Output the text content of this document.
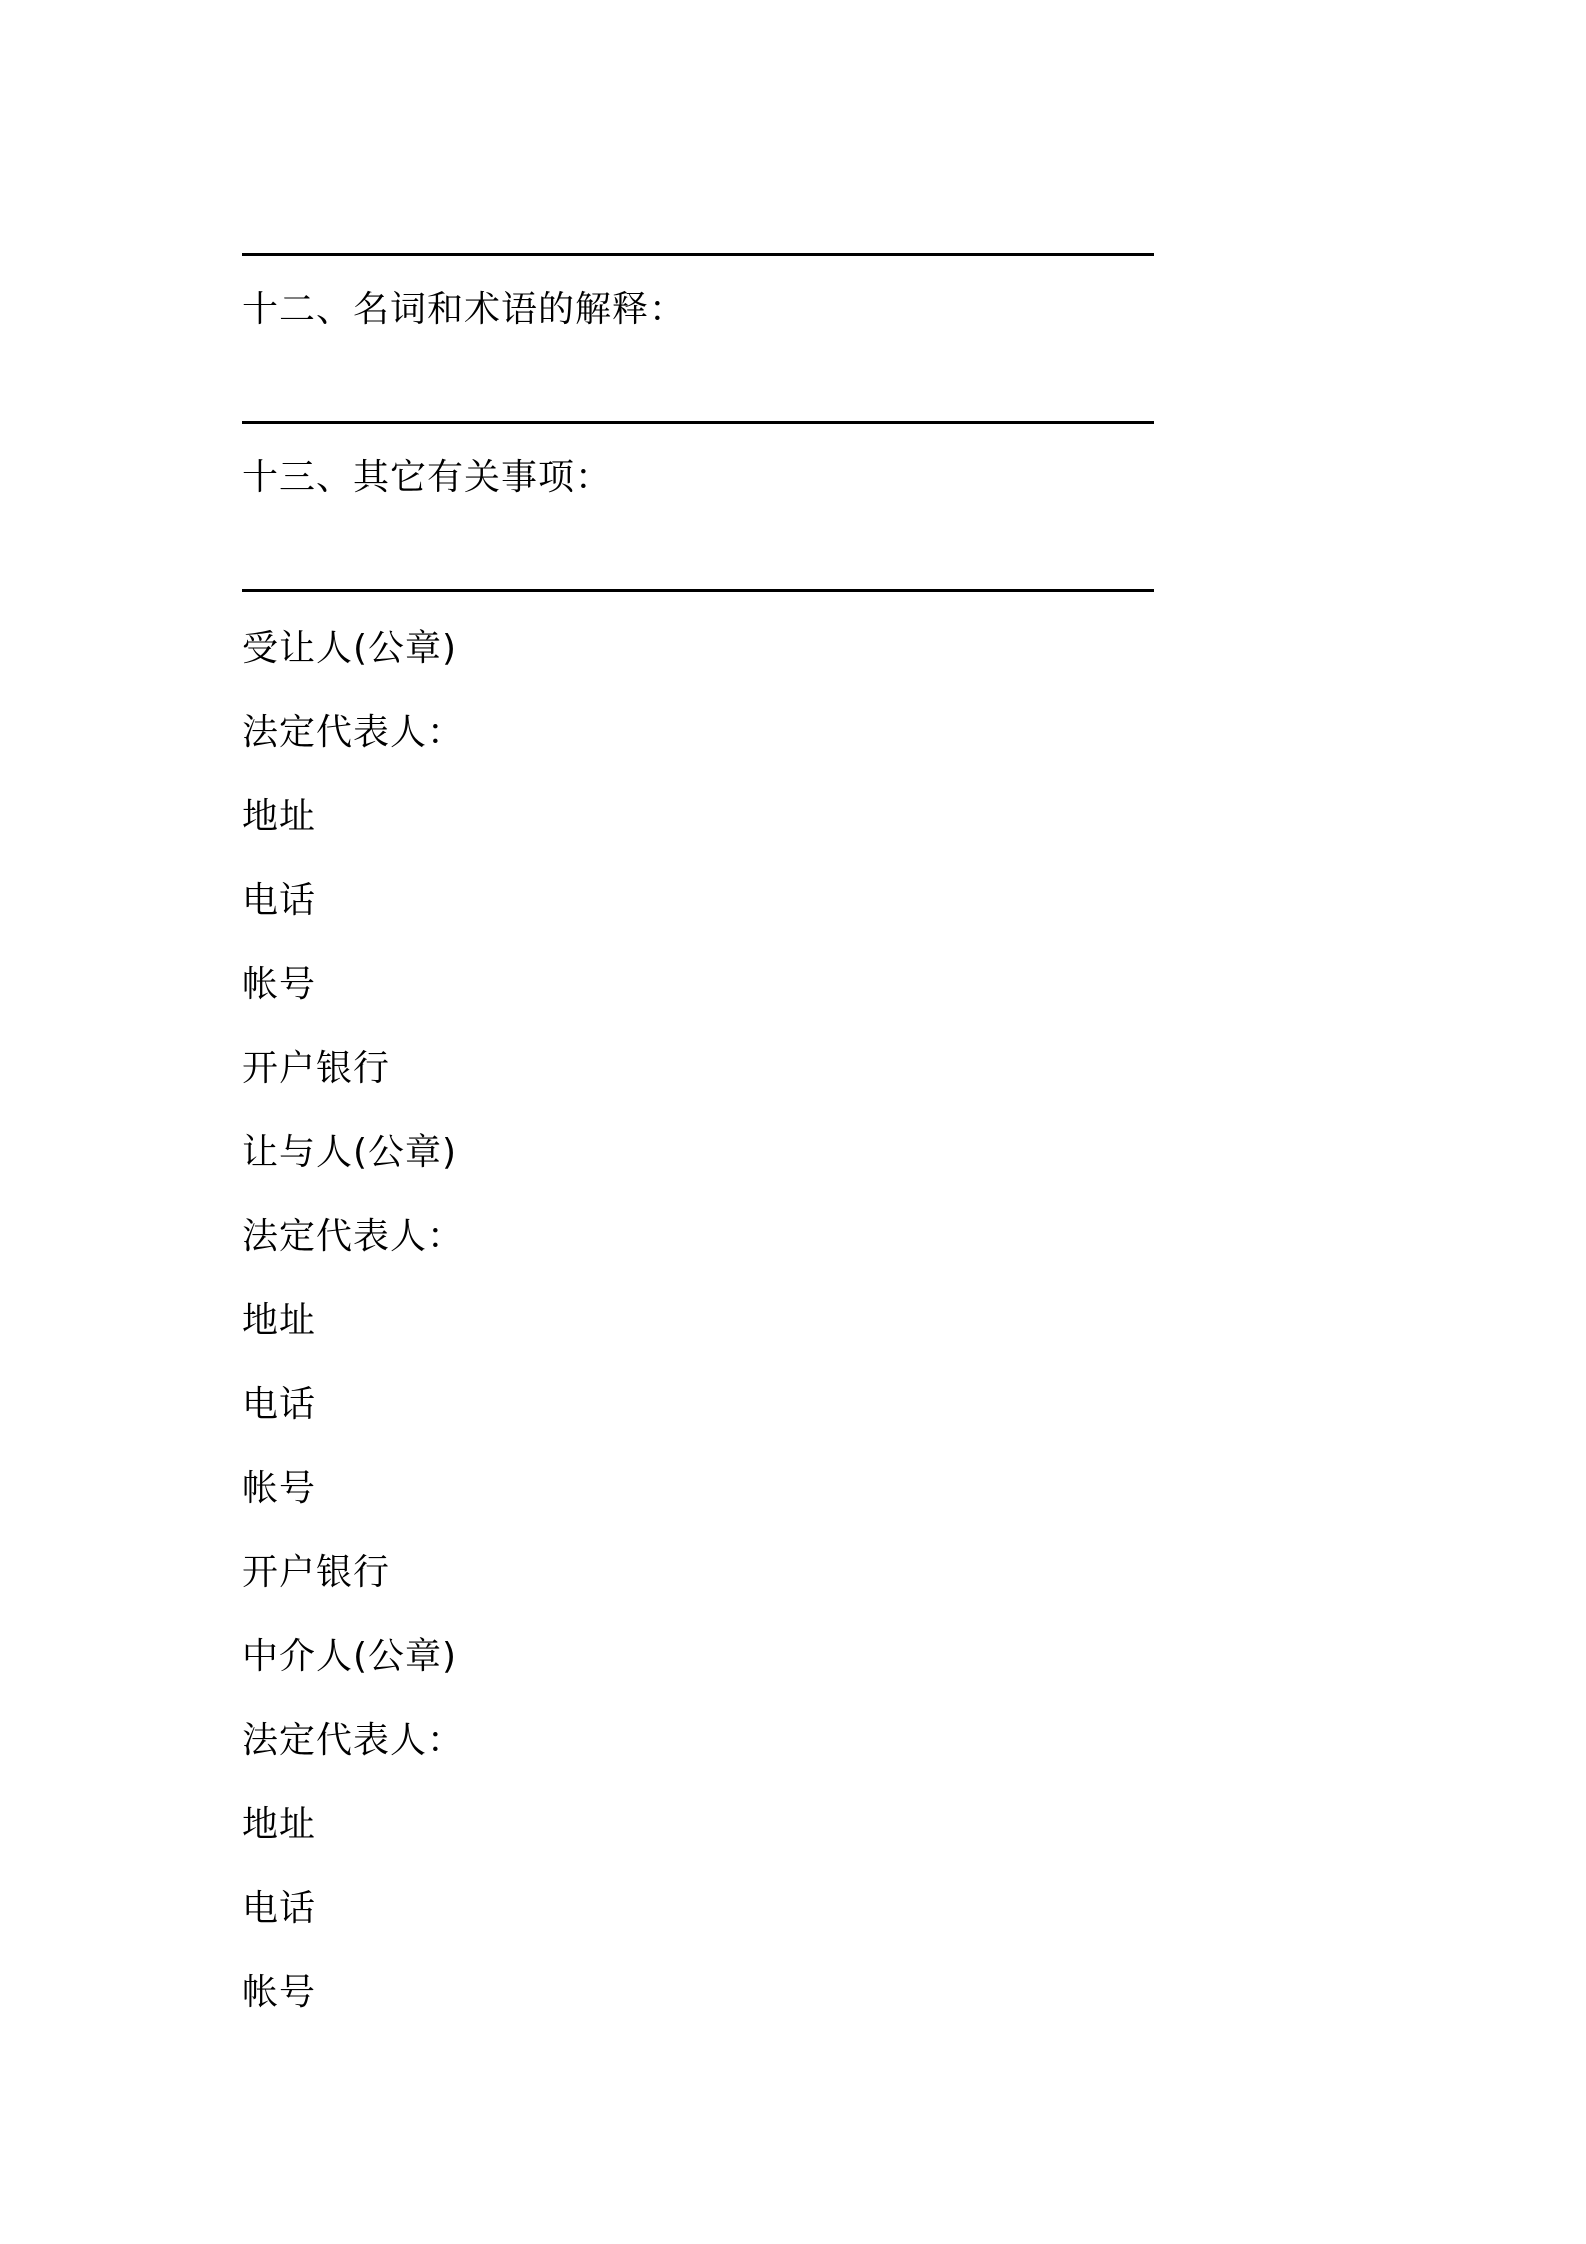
十二、名词和术语的解释：
十三、其它有关事项：
受让人(公章)
法定代表人：
地址
电话
帐号
开户银行
让与人(公章)
法定代表人：
地址
电话
帐号
开户银行
中介人(公章)
法定代表人：
地址
电话
帐号
